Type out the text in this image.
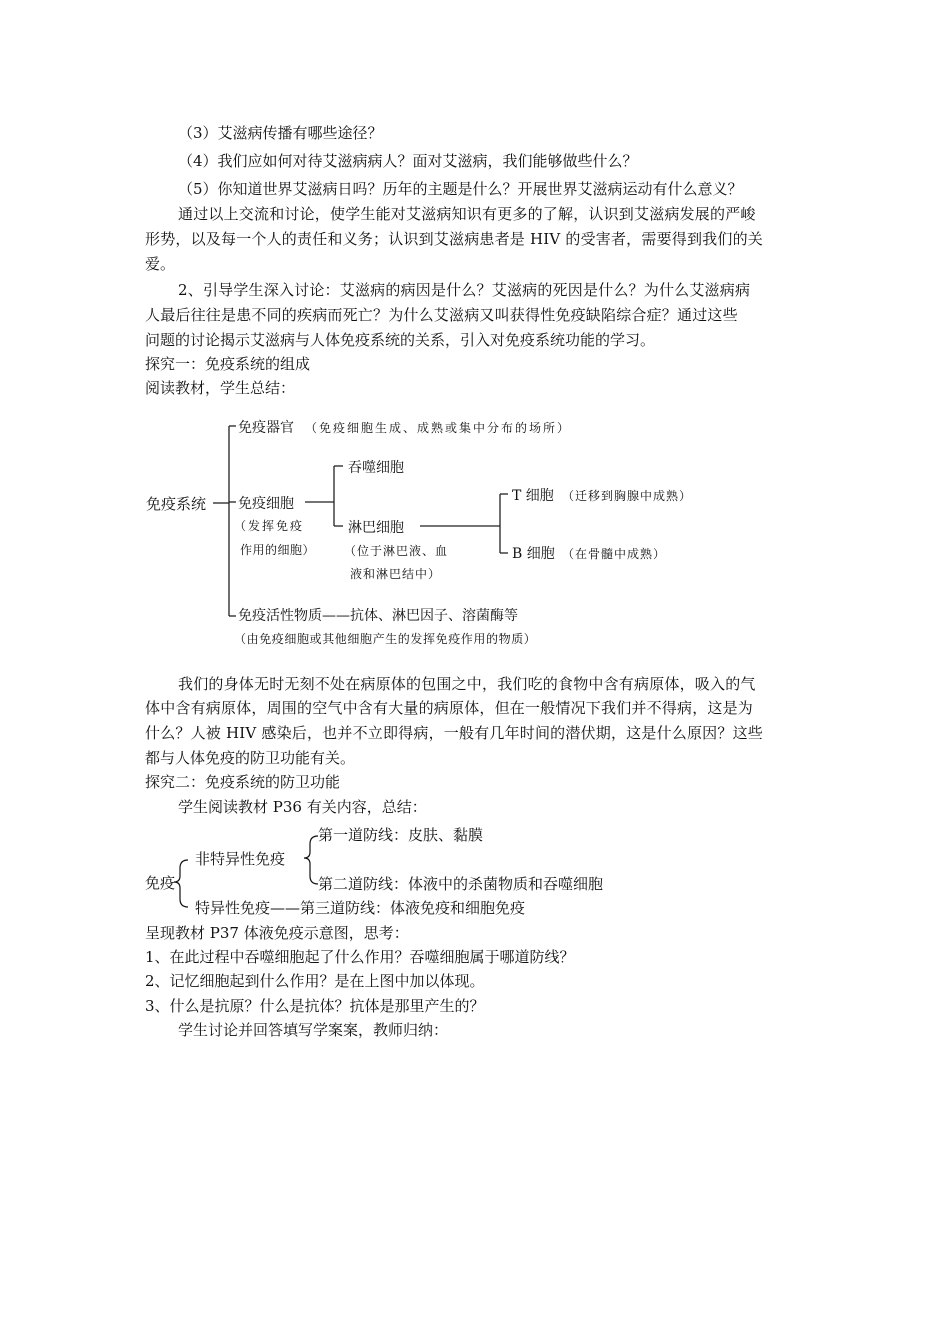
（3）艾滋病传播有哪些途径？
（4）我们应如何对待艾滋病病人？面对艾滋病，我们能够做些什么？
（5）你知道世界艾滋病日吗？历年的主题是什么？开展世界艾滋病运动有什么意义？
通过以上交流和讨论，使学生能对艾滋病知识有更多的了解，认识到艾滋病发展的严峻
形势，以及每一个人的责任和义务；认识到艾滋病患者是 HIV 的受害者，需要得到我们的关
爱。
2、引导学生深入讨论：艾滋病的病因是什么？艾滋病的死因是什么？为什么艾滋病病
人最后往往是患不同的疾病而死亡？为什么艾滋病又叫获得性免疫缺陷综合症？通过这些
问题的讨论揭示艾滋病与人体免疫系统的关系，引入对免疫系统功能的学习。
探究一：免疫系统的组成
阅读教材，学生总结：
免疫系统
免疫器官 （免疫细胞生成、成熟或集中分布的场所）
免疫细胞
（发挥免疫
作用的细胞）
吞噬细胞
淋巴细胞
（位于淋巴液、血
液和淋巴结中）
T 细胞 （迁移到胸腺中成熟）
B 细胞 （在骨髓中成熟）
免疫活性物质——抗体、淋巴因子、溶菌酶等
（由免疫细胞或其他细胞产生的发挥免疫作用的物质）
我们的身体无时无刻不处在病原体的包围之中，我们吃的食物中含有病原体，吸入的气
体中含有病原体，周围的空气中含有大量的病原体，但在一般情况下我们并不得病，这是为
什么？人被 HIV 感染后，也并不立即得病，一般有几年时间的潜伏期，这是什么原因？这些
都与人体免疫的防卫功能有关。
探究二：免疫系统的防卫功能
学生阅读教材 P36 有关内容，总结：
第一道防线：皮肤、黏膜
非特异性免疫
免疫	第二道防线：体液中的杀菌物质和吞噬细胞
特异性免疫——第三道防线：体液免疫和细胞免疫
呈现教材 P37 体液免疫示意图，思考：
1、在此过程中吞噬细胞起了什么作用？吞噬细胞属于哪道防线？
2、记忆细胞起到什么作用？是在上图中加以体现。
3、什么是抗原？什么是抗体？抗体是那里产生的？
学生讨论并回答填写学案案，教师归纳：
